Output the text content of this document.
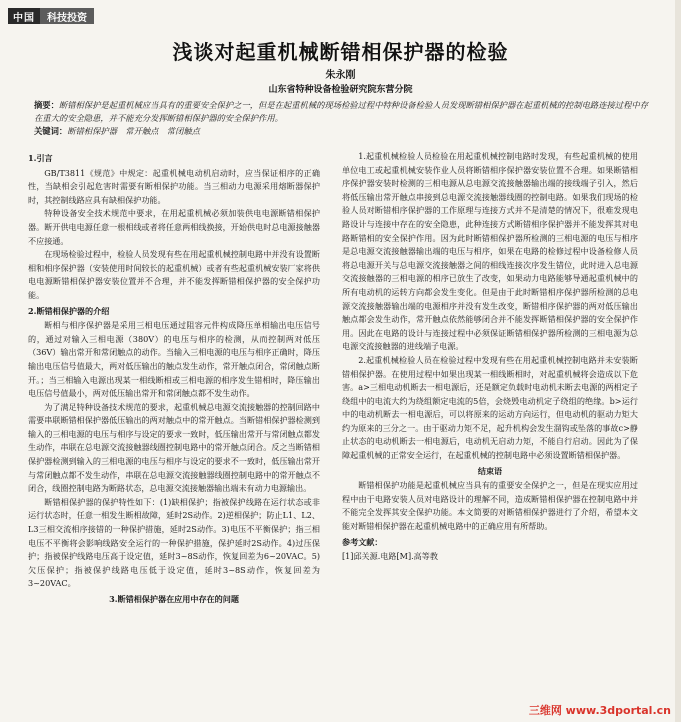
中国	科技投资
浅谈对起重机械断错相保护器的检验
朱永刚
山东省特种设备检验研究院东营分院
摘要：断错相保护是起重机械应当具有的重要安全保护之一，但是在起重机械的现场检验过程中特种设备检验人员发现断错相保护器在起重机械的控制电路连接过程中存在重大的安全隐患，并不能充分发挥断错相保护器的安全保护作用。
关键词：断错相保护器　常开触点　常闭触点

1.引言

GB/T3811《规范》中规定：起重机械电动机启动时，应当保证相序的正确性，当缺相会引起危害时需要有断相保护功能。当三相动力电源采用熔断器保护时，其控制线路应具有缺相保护功能。

特种设备安全技术规范中要求，在用起重机械必须加装供电电源断错相保护器。断开供电电源任意一根相线或者将任意两相线换接，开始供电时总电源接触器不应接通。

在现场检验过程中，检验人员发现有些在用起重机械控制电路中并没有设置断相和相序保护器（安装使用时间较长的起重机械）或者有些起重机械安装厂家将供电电源断错相保护器安装位置并不合理，并不能发挥断错相保护器的安全保护功能。

2.断错相保护器的介绍

断相与相序保护器是采用三相电压通过阻容元件构成降压单相输出电压信号的，通过对输入三相电源（380V）的电压与相序的检测，从而控制两对低压（36V）输出常开和常闭触点的动作。当输入三相电源的电压与相序正确时，降压输出电压信号值最大，两对低压输出的触点发生动作，常开触点闭合，常闭触点断开。；当三相输入电源出现某一相线断相或三相电源的相序发生错相时，降压输出电压信号值最小，两对低压输出常开和常闭触点都不发生动作。

为了满足特种设备技术规范的要求，起重机械总电源交流接触器的控制回路中需要串联断错相保护器低压输出的两对触点中的常开触点。当断错相保护器检测到输入的三相电源的电压与相序与设定的要求一致时，低压输出常开与常闭触点都发生动作，串联在总电源交流接触器线圈控制电路中的常开触点闭合。反之当断错相保护器检测到输入的三相电源的电压与相序与设定的要求不一致时，低压输出常开与常闭触点都不发生动作，串联在总电源交流接触器线圈控制电路中的常开触点不闭合，线圈控制电路为断路状态，总电源交流接触器输出端未有动力电源输出。

断错相保护器的保护特性如下：(1)缺相保护；指被保护线路在运行状态或非运行状态时，任意一相发生断相故障，延时2S动作。2)逆相保护；防止L1、L2、L3三相交流相序接错的一种保护措施，延时2S动作。3)电压不平衡保护；指三相电压不平衡将会影响线路安全运行的一种保护措施，保护延时2S动作。4)过压保护；指被保护线路电压高于设定值，延时3~8S动作，恢复回差为6~20VAC。5)欠压保护；指被保护线路电压低于设定值，延时3~8S动作，恢复回差为3~20VAC。

3.断错相保护器在应用中存在的问题

1.起重机械检验人员检验在用起重机械控制电路时发现，有些起重机械的使用单位电工或起重机械安装作业人员将断错相序保护器安装位置不合理。如果断错相序保护器安装时检测的三相电源从总电源交流接触器输出端的接线端子引入，然后将低压输出常开触点串接到总电源交流接触器线圈的控制电路。如果我们现场的检验人员对断错相序保护器的工作原理与连接方式并不是清楚的情况下，很难发现电路设计与连接中存在的安全隐患，此种连接方式断错相序保护器并不能发挥其对电路断错相的安全保护作用。因为此时断错相保护器所检测的三相电源的电压与相序是总电源交流接触器输出端的电压与相序，如果在电路的检修过程中设备检修人员将总电源开关与总电源交流接触器之间的相线连接次序发生错位，此时进入总电源交流接触器的三相电源的相序已放生了改变，如果动力电路能够导通起重机械中的所有电动机的运转方向都会发生变化。但是由于此时断错相序保护器所检测的总电源交流接触器输出端的电源相序并没有发生改变，断错相序保护器的两对低压输出触点都会发生动作，常开触点依然能够闭合并不能发挥断错相保护器的安全保护作用。因此在电路的设计与连接过程中必须保证断错相保护器所检测的三相电源为总电源交流接触器的进线端子电源。

2.起重机械检验人员在检验过程中发现有些在用起重机械控制电路并未安装断错相保护器。在使用过程中如果出现某一相线断相时，对起重机械将会造成以下危害。a>三相电动机断去一相电源后，还是额定负载时电动机未断去电源的两相定子绕组中的电流大约为绕组额定电流的5倍，会烧毁电动机定子绕组的绝缘。b>运行中的电动机断去一相电源后，可以将原来的运动方向运行，但电动机的驱动力矩大约为原来的三分之一。由于驱动力矩不足，起升机构会发生溜钩或坠落的事故c>静止状态的电动机断去一相电源后，电动机无启动力矩，不能自行启动。因此为了保障起重机械的正常安全运行，在起重机械的控制电路中必须设置断错相保护器。

结束语

断错相保护功能是起重机械应当具有的重要安全保护之一，但是在现实应用过程中由于电路安装人员对电路设计的理解不同，造成断错相保护器在控制电路中并不能完全发挥其安全保护功能。本文简要的对断错相保护器进行了介绍，希望本文能对断错相保护器在起重机械电路中的正确应用有所帮助。

参考文献：

[1]邱关源.电路[M].高等教

三维网 www.3dportal.cn
